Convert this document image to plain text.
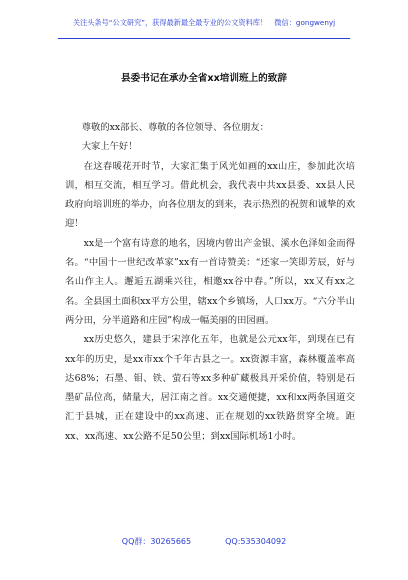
关注头条号“公文研究”，获得最新最全最专业的公文资料库！　微信：gongwenyj
县委书记在承办全省xx培训班上的致辞

尊敬的xx部长、尊敬的各位领导、各位朋友：

大家上午好！

在这春暖花开时节，大家汇集于风光如画的xx山庄，参加此次培训，相互交流，相互学习。借此机会，我代表中共xx县委、xx县人民政府向培训班的举办，向各位朋友的到来，表示热烈的祝贺和诚挚的欢迎！

xx是一个富有诗意的地名，因境内曾出产金银、溪水色泽如金而得名。“中国十一世纪改革家”xx有一首诗赞美：“还家一笑即芳辰，好与名山作主人。邂逅五湖乘兴往，相邀xx谷中春。”所以，xx又有xx之名。全县国土面积xx平方公里，辖xx个乡镇场，人口xx万。“六分半山两分田，分半道路和庄园”构成一幅美丽的田园画。

xx历史悠久，建县于宋淳化五年，也就是公元xx年，到现在已有xx年的历史，是xx市xx个千年古县之一。xx资源丰富，森林覆盖率高达68%；石墨、钼、铁、萤石等xx多种矿藏极具开采价值，特别是石墨矿品位高，储量大，居江南之首。xx交通便捷，xx和xx两条国道交汇于县城，正在建设中的xx高速、正在规划的xx铁路贯穿全境。距xx、xx高速、xx公路不足50公里；到xx国际机场1小时。

QQ群：30265665	QQ:535304092
